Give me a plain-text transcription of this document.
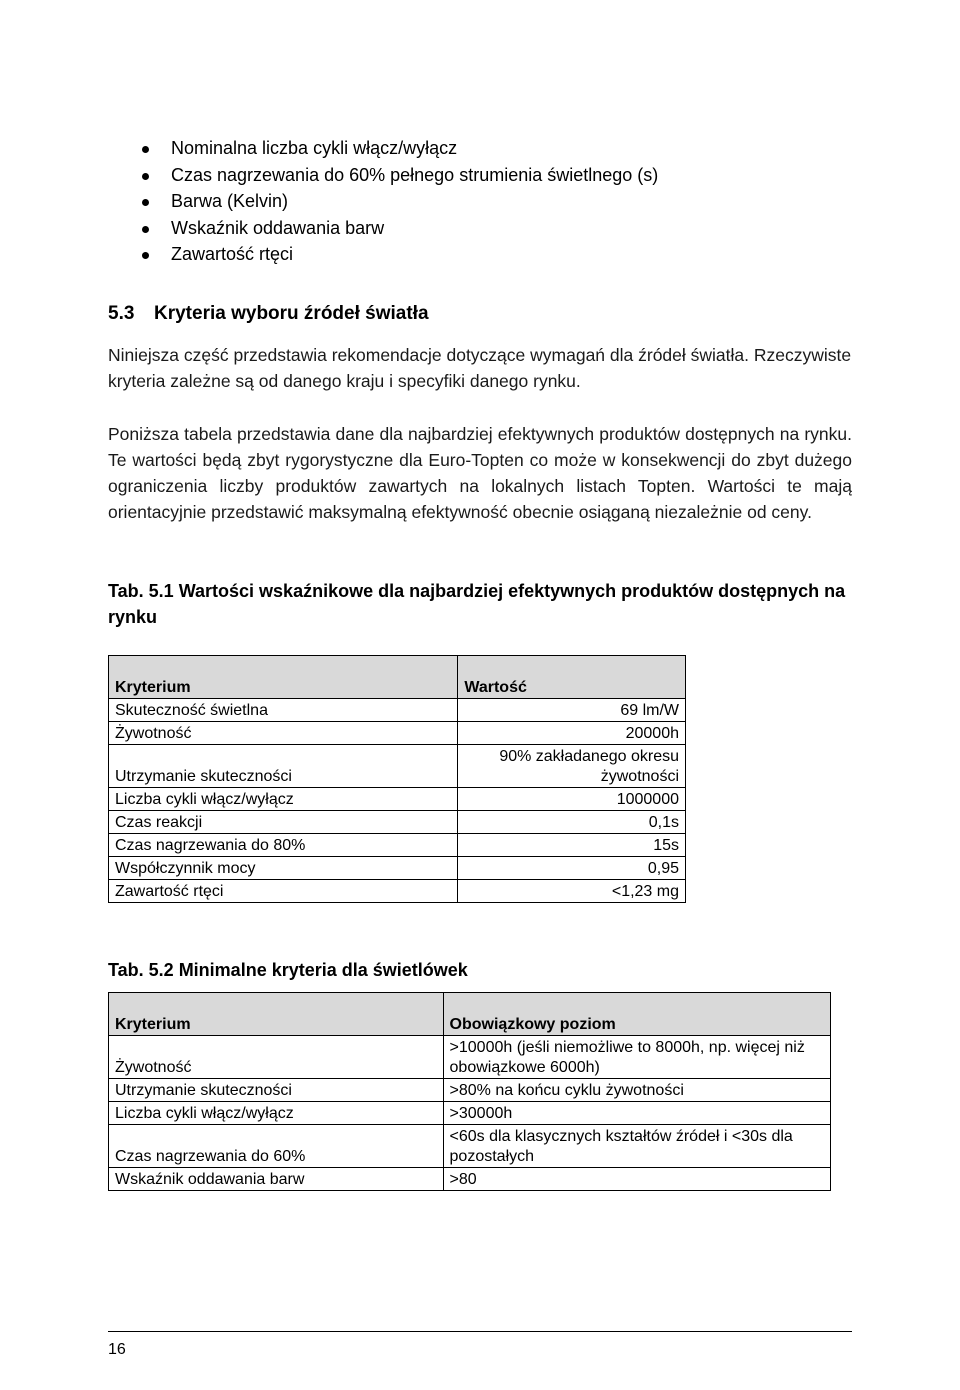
Nominalna liczba cykli włącz/wyłącz
Czas nagrzewania do 60% pełnego strumienia świetlnego (s)
Barwa (Kelvin)
Wskaźnik oddawania barw
Zawartość rtęci
5.3 Kryteria wyboru źródeł światła
Niniejsza część przedstawia rekomendacje dotyczące wymagań dla źródeł światła. Rzeczywiste kryteria zależne są od danego kraju i specyfiki danego rynku.
Poniższa tabela przedstawia dane dla najbardziej efektywnych produktów dostępnych na rynku. Te wartości będą zbyt rygorystyczne dla Euro-Topten co może w konsekwencji do zbyt dużego ograniczenia liczby produktów zawartych na lokalnych listach Topten. Wartości te mają orientacyjnie przedstawić maksymalną efektywność obecnie osiąganą niezależnie od ceny.
Tab. 5.1 Wartości wskaźnikowe dla najbardziej efektywnych produktów dostępnych na rynku
Kryterium	Wartość
Skuteczność świetlna	69 lm/W
Żywotność	20000h
Utrzymanie skuteczności	90% zakładanego okresu żywotności
Liczba cykli włącz/wyłącz	1000000
Czas reakcji	0,1s
Czas nagrzewania do 80%	15s
Współczynnik mocy	0,95
Zawartość rtęci	<1,23 mg
Tab. 5.2 Minimalne kryteria dla świetlówek
Kryterium	Obowiązkowy poziom
Żywotność	>10000h (jeśli niemożliwe to 8000h, np. więcej niż obowiązkowe 6000h)
Utrzymanie skuteczności	>80% na końcu cyklu żywotności
Liczba cykli włącz/wyłącz	>30000h
Czas nagrzewania do 60%	<60s dla klasycznych kształtów źródeł i <30s dla pozostałych
Wskaźnik oddawania barw	>80
16
